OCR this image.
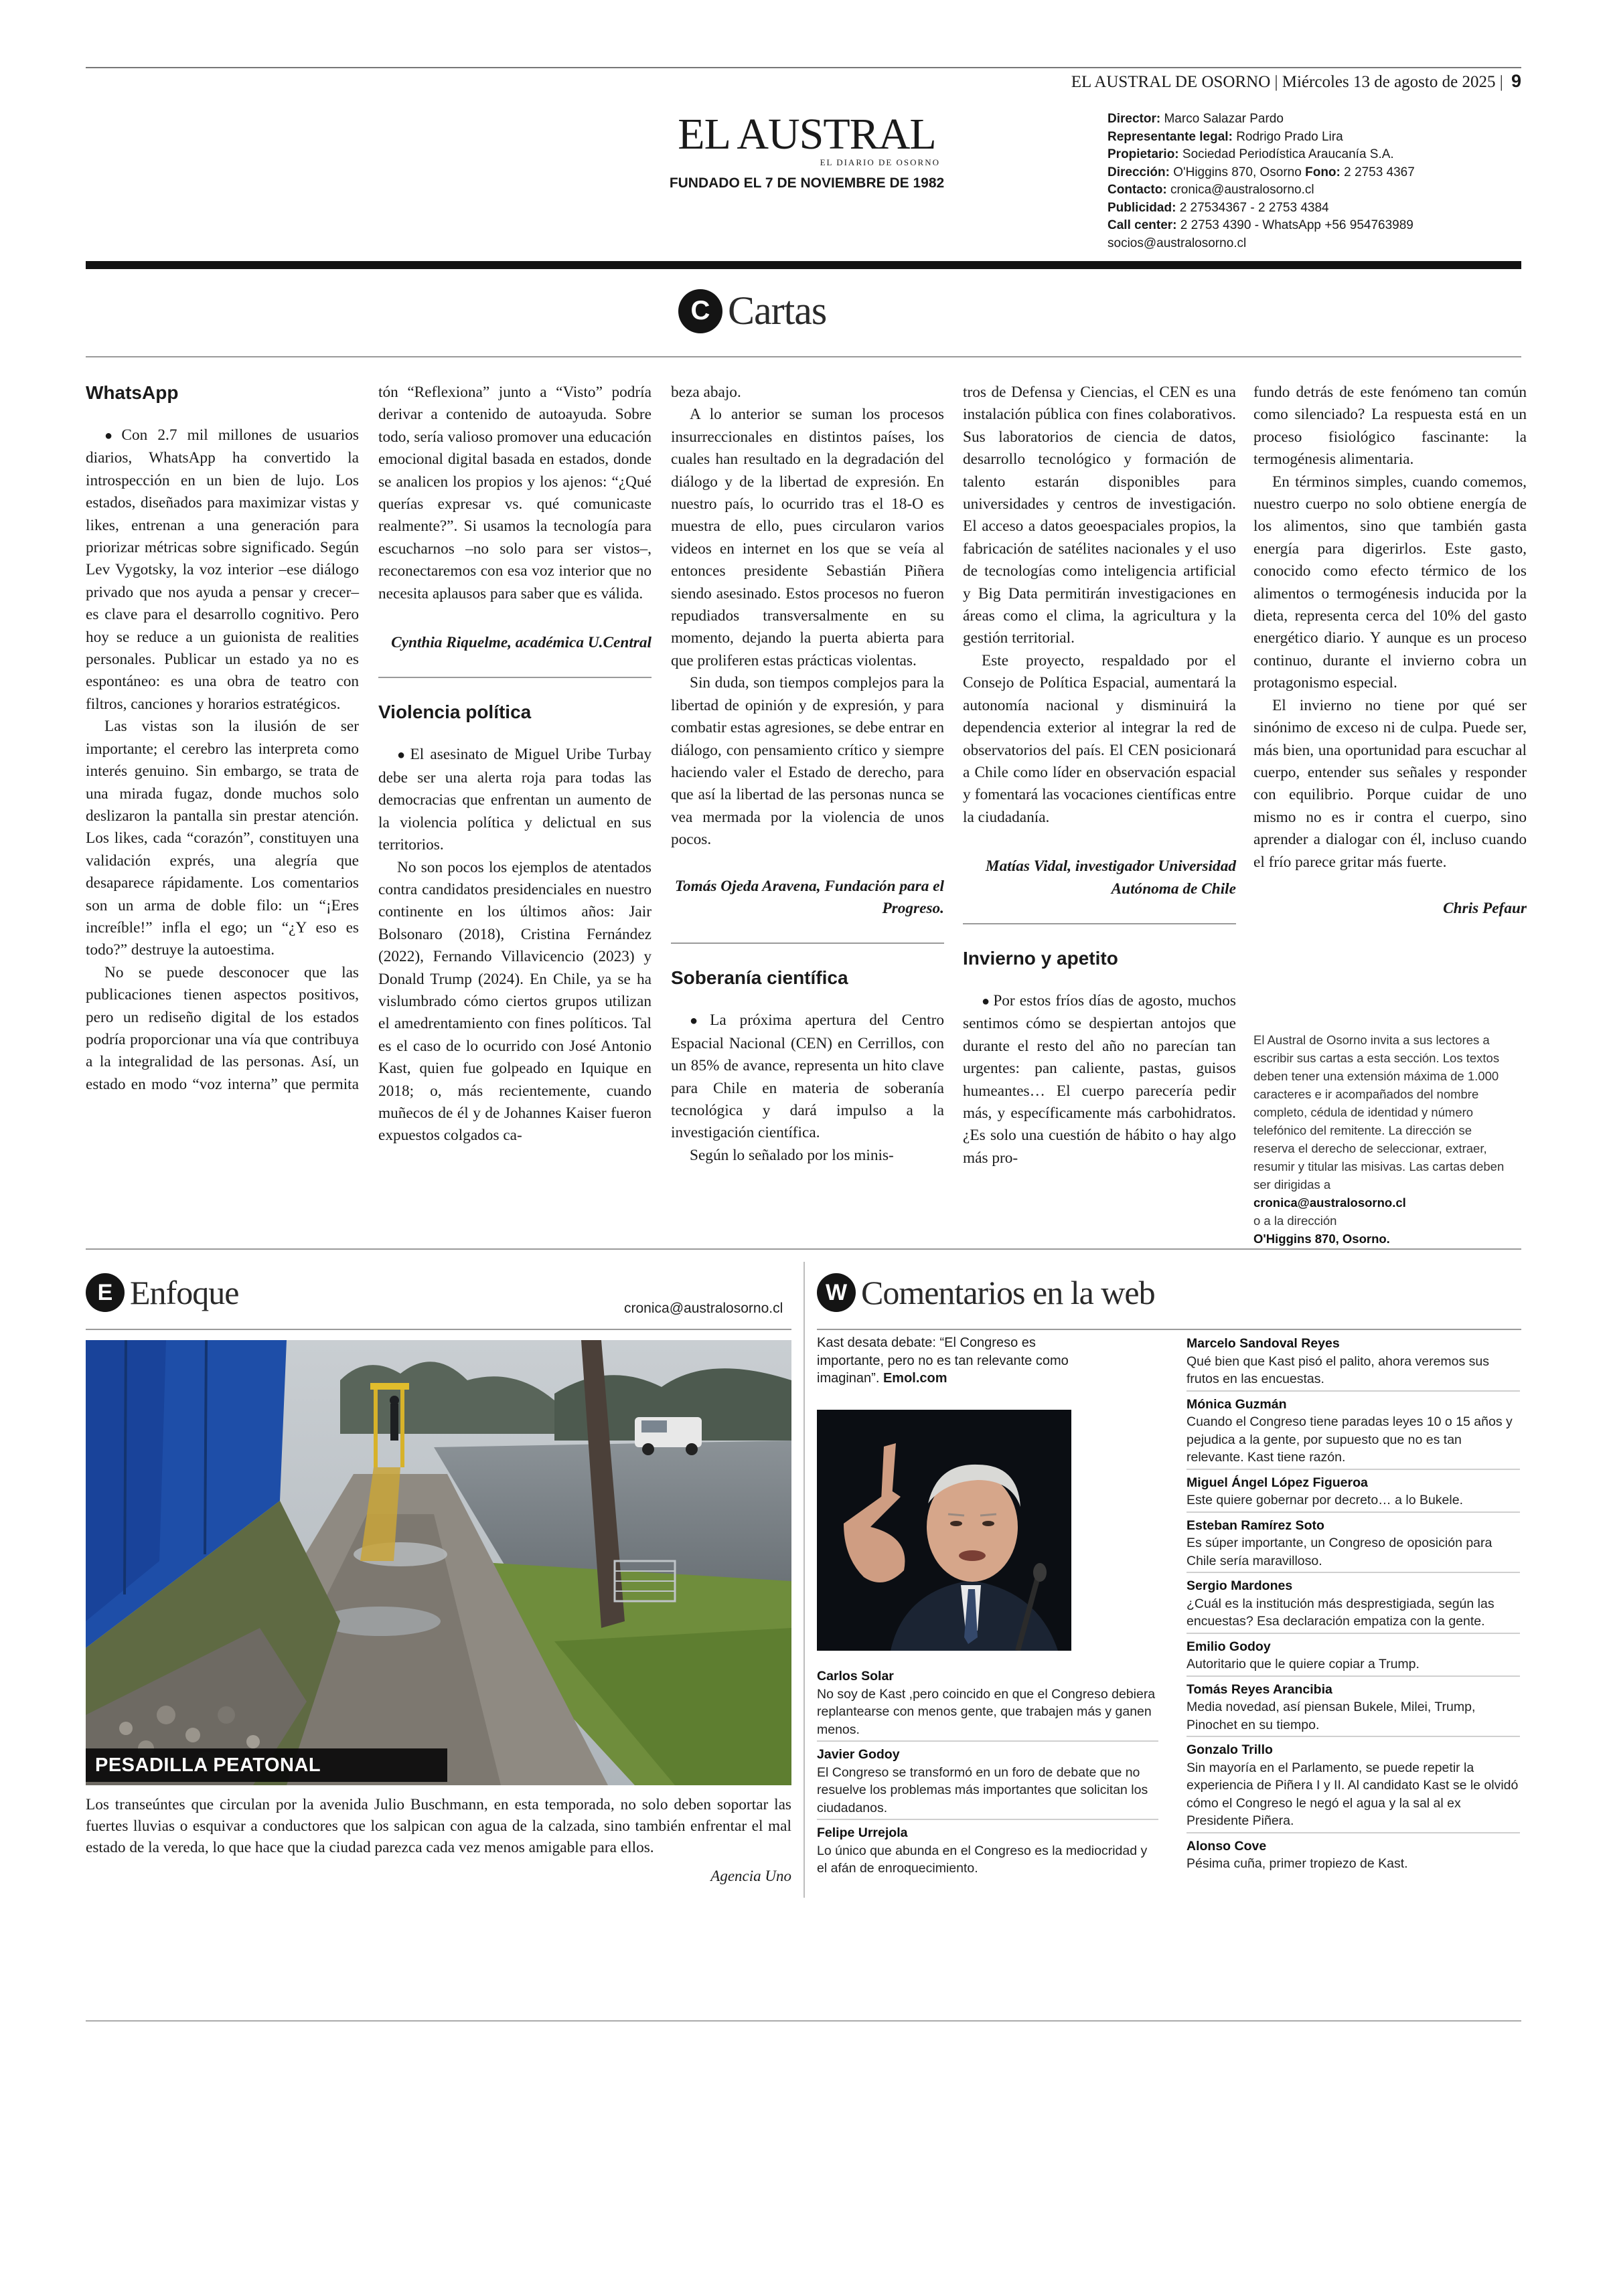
EL AUSTRAL DE OSORNO | Miércoles 13 de agosto de 2025 | 9
EL AUSTRAL
EL DIARIO DE OSORNO
FUNDADO EL 7 DE NOVIEMBRE DE 1982
Director: Marco Salazar Pardo
Representante legal: Rodrigo Prado Lira
Propietario: Sociedad Periodística Araucanía S.A.
Dirección: O'Higgins 870, Osorno Fono: 2 2753 4367
Contacto: cronica@australosorno.cl
Publicidad: 2 27534367 - 2 2753 4384
Call center: 2 2753 4390 - WhatsApp +56 954763989
socios@australosorno.cl
C Cartas
WhatsApp

● Con 2.7 mil millones de usuarios diarios, WhatsApp ha convertido la introspección en un bien de lujo. Los estados, diseñados para maximizar vistas y likes, entrenan a una generación para priorizar métricas sobre significado. Según Lev Vygotsky, la voz interior –ese diálogo privado que nos ayuda a pensar y crecer– es clave para el desarrollo cognitivo. Pero hoy se reduce a un guionista de realities personales. Publicar un estado ya no es espontáneo: es una obra de teatro con filtros, canciones y horarios estratégicos.

Las vistas son la ilusión de ser importante; el cerebro las interpreta como interés genuino. Sin embargo, se trata de una mirada fugaz, donde muchos solo deslizaron la pantalla sin prestar atención. Los likes, cada “corazón”, constituyen una validación exprés, una alegría que desaparece rápidamente. Los comentarios son un arma de doble filo: un “¡Eres increíble!” infla el ego; un “¿Y eso es todo?” destruye la autoestima.

No se puede desconocer que las publicaciones tienen aspectos positivos, pero un rediseño digital de los estados podría proporcionar una vía que contribuya a la integralidad de las personas. Así, un estado en modo “voz interna” que permita

tón “Reflexiona” junto a “Visto” podría derivar a contenido de autoayuda. Sobre todo, sería valioso promover una educación emocional digital basada en estados, donde se analicen los propios y los ajenos: “¿Qué querías expresar vs. qué comunicaste realmente?”. Si usamos la tecnología para escucharnos –no solo para ser vistos–, reconectaremos con esa voz interior que no necesita aplausos para saber que es válida.

Cynthia Riquelme, académica U.Central

Violencia política

● El asesinato de Miguel Uribe Turbay debe ser una alerta roja para todas las democracias que enfrentan un aumento de la violencia política y delictual en sus territorios.

No son pocos los ejemplos de atentados contra candidatos presidenciales en nuestro continente en los últimos años: Jair Bolsonaro (2018), Cristina Fernández (2022), Fernando Villavicencio (2023) y Donald Trump (2024). En Chile, ya se ha vislumbrado cómo ciertos grupos utilizan el amedrentamiento con fines políticos. Tal es el caso de lo ocurrido con José Antonio Kast, quien fue golpeado en Iquique en 2018; o, más recientemente, cuando muñecos de él y de Johannes Kaiser fueron expuestos colgados ca-

beza abajo.

A lo anterior se suman los procesos insurreccionales en distintos países, los cuales han resultado en la degradación del diálogo y de la libertad de expresión. En nuestro país, lo ocurrido tras el 18-O es muestra de ello, pues circularon varios videos en internet en los que se veía al entonces presidente Sebastián Piñera siendo asesinado. Estos procesos no fueron repudiados transversalmente en su momento, dejando la puerta abierta para que proliferen estas prácticas violentas.

Sin duda, son tiempos complejos para la libertad de opinión y de expresión, y para combatir estas agresiones, se debe entrar en diálogo, con pensamiento crítico y siempre haciendo valer el Estado de derecho, para que así la libertad de las personas nunca se vea mermada por la violencia de unos pocos.

Tomás Ojeda Aravena, Fundación para el Progreso.

Soberanía científica

● La próxima apertura del Centro Espacial Nacional (CEN) en Cerrillos, con un 85% de avance, representa un hito clave para Chile en materia de soberanía tecnológica y dará impulso a la investigación científica.

Según lo señalado por los minis-

tros de Defensa y Ciencias, el CEN es una instalación pública con fines colaborativos. Sus laboratorios de ciencia de datos, desarrollo tecnológico y formación de talento estarán disponibles para universidades y centros de investigación. El acceso a datos geoespaciales propios, la fabricación de satélites nacionales y el uso de tecnologías como inteligencia artificial y Big Data permitirán investigaciones en áreas como el clima, la agricultura y la gestión territorial.

Este proyecto, respaldado por el Consejo de Política Espacial, aumentará la autonomía nacional y disminuirá la dependencia exterior al integrar la red de observatorios del país. El CEN posicionará a Chile como líder en observación espacial y fomentará las vocaciones científicas entre la ciudadanía.

Matías Vidal, investigador Universidad Autónoma de Chile

Invierno y apetito

● Por estos fríos días de agosto, muchos sentimos cómo se despiertan antojos que durante el resto del año no parecían tan urgentes: pan caliente, pastas, guisos humeantes… El cuerpo parecería pedir más, y específicamente más carbohidratos. ¿Es solo una cuestión de hábito o hay algo más pro-

fundo detrás de este fenómeno tan común como silenciado? La respuesta está en un proceso fisiológico fascinante: la termogénesis alimentaria.

En términos simples, cuando comemos, nuestro cuerpo no solo obtiene energía de los alimentos, sino que también gasta energía para digerirlos. Este gasto, conocido como efecto térmico de los alimentos o termogénesis inducida por la dieta, representa cerca del 10% del gasto energético diario. Y aunque es un proceso continuo, durante el invierno cobra un protagonismo especial.

El invierno no tiene por qué ser sinónimo de exceso ni de culpa. Puede ser, más bien, una oportunidad para escuchar al cuerpo, entender sus señales y responder con equilibrio. Porque cuidar de uno mismo no es ir contra el cuerpo, sino aprender a dialogar con él, incluso cuando el frío parece gritar más fuerte.

Chris Pefaur

El Austral de Osorno invita a sus lectores a escribir sus cartas a esta sección. Los textos deben tener una extensión máxima de 1.000 caracteres e ir acompañados del nombre completo, cédula de identidad y número telefónico del remitente. La dirección se reserva el derecho de seleccionar, extraer, resumir y titular las misivas. Las cartas deben ser dirigidas a
cronica@australosorno.cl
o a la dirección
O'Higgins 870, Osorno.
E Enfoque	cronica@australosorno.cl
PESADILLA PEATONAL
Los transeúntes que circulan por la avenida Julio Buschmann, en esta temporada, no solo deben soportar las fuertes lluvias o esquivar a conductores que los salpican con agua de la calzada, sino también enfrentar el mal estado de la vereda, lo que hace que la ciudad parezca cada vez menos amigable para ellos.
Agencia Uno
W Comentarios en la web
Kast desata debate: “El Congreso es importante, pero no es tan relevante como imaginan”. Emol.com
Carlos Solar
No soy de Kast ,pero coincido en que el Congreso debiera replantearse con menos gente, que trabajen más y ganen menos.
Javier Godoy
El Congreso se transformó en un foro de debate que no resuelve los problemas más importantes que solicitan los ciudadanos.
Felipe Urrejola
Lo único que abunda en el Congreso es la mediocridad y el afán de enroquecimiento.
Marcelo Sandoval Reyes
Qué bien que Kast pisó el palito, ahora veremos sus frutos en las encuestas.
Mónica Guzmán
Cuando el Congreso tiene paradas leyes 10 o 15 años y pejudica a la gente, por supuesto que no es tan relevante. Kast tiene razón.
Miguel Ángel López Figueroa
Este quiere gobernar por decreto… a lo Bukele.
Esteban Ramírez Soto
Es súper importante, un Congreso de oposición para Chile sería maravilloso.
Sergio Mardones
¿Cuál es la institución más desprestigiada, según las encuestas? Esa declaración empatiza con la gente.
Emilio Godoy
Autoritario que le quiere copiar a Trump.
Tomás Reyes Arancibia
Media novedad, así piensan Bukele, Milei, Trump, Pinochet en su tiempo.
Gonzalo Trillo
Sin mayoría en el Parlamento, se puede repetir la experiencia de Piñera I y II. Al candidato Kast se le olvidó cómo el Congreso le negó el agua y la sal al ex Presidente Piñera.
Alonso Cove
Pésima cuña, primer tropiezo de Kast.
